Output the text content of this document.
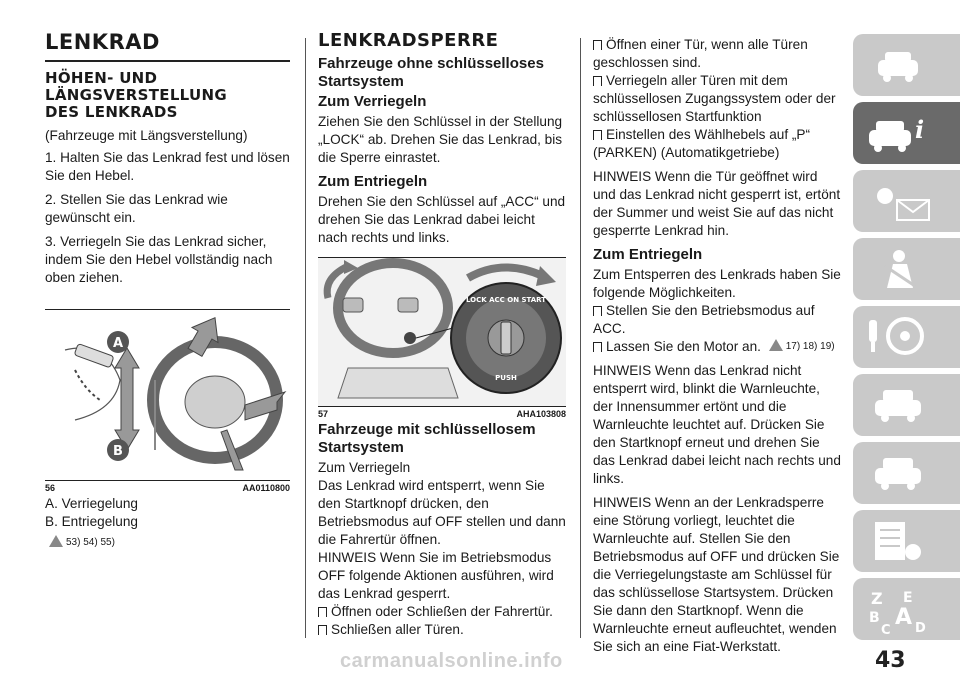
LENKRAD
HÖHEN- UND
LÄNGSVERSTELLUNG
DES LENKRADS

(Fahrzeuge mit Längsverstellung)

1. Halten Sie das Lenkrad fest und lösen Sie den Hebel.

2. Stellen Sie das Lenkrad wie gewünscht ein.

3. Verriegeln Sie das Lenkrad sicher, indem Sie den Hebel vollständig nach oben ziehen.

A
B
56	AA0110800

A. Verriegelung

B. Entriegelung

53) 54) 55)
LENKRADSPERRE
Fahrzeuge ohne schlüsselloses Startsystem
Zum Verriegeln

Ziehen Sie den Schlüssel in der Stellung „LOCK“ ab. Drehen Sie das Lenkrad, bis die Sperre einrastet.

Zum Entriegeln

Drehen Sie den Schlüssel auf „ACC“ und drehen Sie das Lenkrad dabei leicht nach rechts und links.

LOCK ACC ON START
PUSH
57	AHA103808
Fahrzeuge mit schlüssellosem Startsystem

Zum Verriegeln

Das Lenkrad wird entsperrt, wenn Sie den Startknopf drücken, den Betriebsmodus auf OFF stellen und dann die Fahrertür öffnen.

HINWEIS Wenn Sie im Betriebsmodus OFF folgende Aktionen ausführen, wird das Lenkrad gesperrt.

Öffnen oder Schließen der Fahrertür.

Schließen aller Türen.

Öffnen einer Tür, wenn alle Türen geschlossen sind.

Verriegeln aller Türen mit dem schlüssellosen Zugangssystem oder der schlüssellosen Startfunktion

Einstellen des Wählhebels auf „P“ (PARKEN) (Automatikgetriebe)

HINWEIS Wenn die Tür geöffnet wird und das Lenkrad nicht gesperrt ist, ertönt der Summer und weist Sie auf das nicht gesperrte Lenkrad hin.

Zum Entriegeln

Zum Entsperren des Lenkrads haben Sie folgende Möglichkeiten.

Stellen Sie den Betriebsmodus auf ACC.

Lassen Sie den Motor an. 17) 18) 19)

HINWEIS Wenn das Lenkrad nicht entsperrt wird, blinkt die Warnleuchte, der Innensummer ertönt und die Warnleuchte leuchtet auf. Drücken Sie den Startknopf erneut und drehen Sie das Lenkrad dabei leicht nach rechts und links.

HINWEIS Wenn an der Lenkradsperre eine Störung vorliegt, leuchtet die Warnleuchte auf. Stellen Sie den Betriebsmodus auf OFF und drücken Sie die Verriegelungstaste am Schlüssel für das schlüssellose Startsystem. Drücken Sie dann den Startknopf. Wenn die Warnleuchte erneut aufleuchtet, wenden Sie sich an eine Fiat-Werkstatt.

i
Z E
B A
C D
43
carmanualsonline.info
